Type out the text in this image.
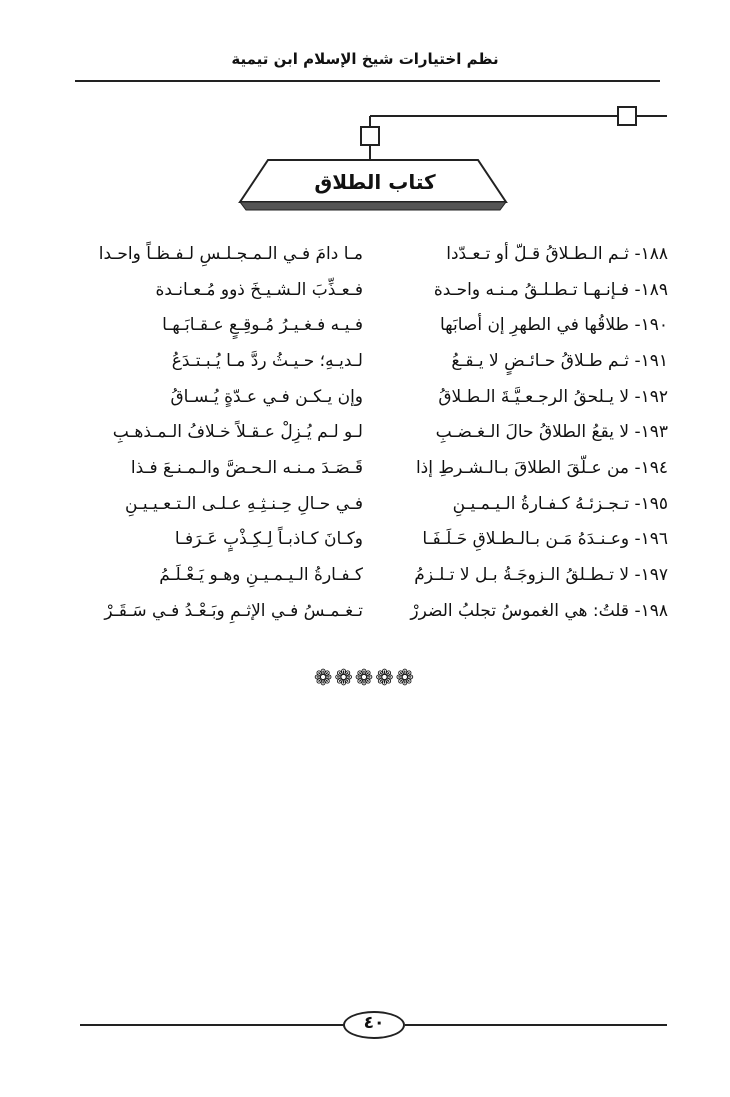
نظم اختيارات شيخ الإسلام ابن تيمية
كتاب الطلاق
١٨٨- ثـم الـطـلاقُ قـلّ أو تـعـدّدا
مـا دامَ فـي الـمـجـلـسِ لـفـظـاً واحـدا
١٨٩- فـإنـهـا تـطـلـقُ مـنـه واحـدة
فـعـذِّبَ الـشـيـخَ ذوو مُـعـانـدة
١٩٠- طلاقُها في الطهرِ إن أصابَها
فـيـه فـغـيـرُ مُـوقِـعٍ عـقـابَـهـا
١٩١- ثـم طـلاقُ حـائـضٍ لا يـقـعُ
لـديـهِ؛ حـيـثُ ردَّ مـا يُـبـتـدَعُ
١٩٢- لا يـلحقُ الرجـعـيَّـةَ الـطـلاقُ
وإن يـكـن فـي عـدّةٍ يُـسـاقُ
١٩٣- لا يقعُ الطلاقُ حالَ الـغـضـبِ
لـو لـم يُـزِلْ عـقـلاً خـلافُ الـمـذهـبِ
١٩٤- من عـلّقَ الطلاقَ بـالـشـرطِ إذا
قَـصَـدَ مـنـه الـحـضَّ والـمـنـعَ فـذا
١٩٥- تـجـزئـهُ كـفـارةُ الـيـمـيـنِ
فـي حـالِ حِـنـثِـهِ عـلـى الـتـعـيـيـنِ
١٩٦- وعـنـدَهُ مَـن بـالـطـلاقِ حَـلَـفَـا
وكـانَ كـاذبـاً لِـكِـذْبٍ عَـرَفـا
١٩٧- لا تـطـلقُ الـزوجَـةُ بـل لا تـلـزمُ
كـفـارةُ الـيـمـيـنِ وهـو يَـعْـلَـمُ
١٩٨- قلتُ: هي الغموسُ تجلبُ الضررْ
تـغـمـسُ فـي الإثـمِ وبَـعْـدُ فـي سَـقَـرْ
❁❁❁❁❁
٤٠
